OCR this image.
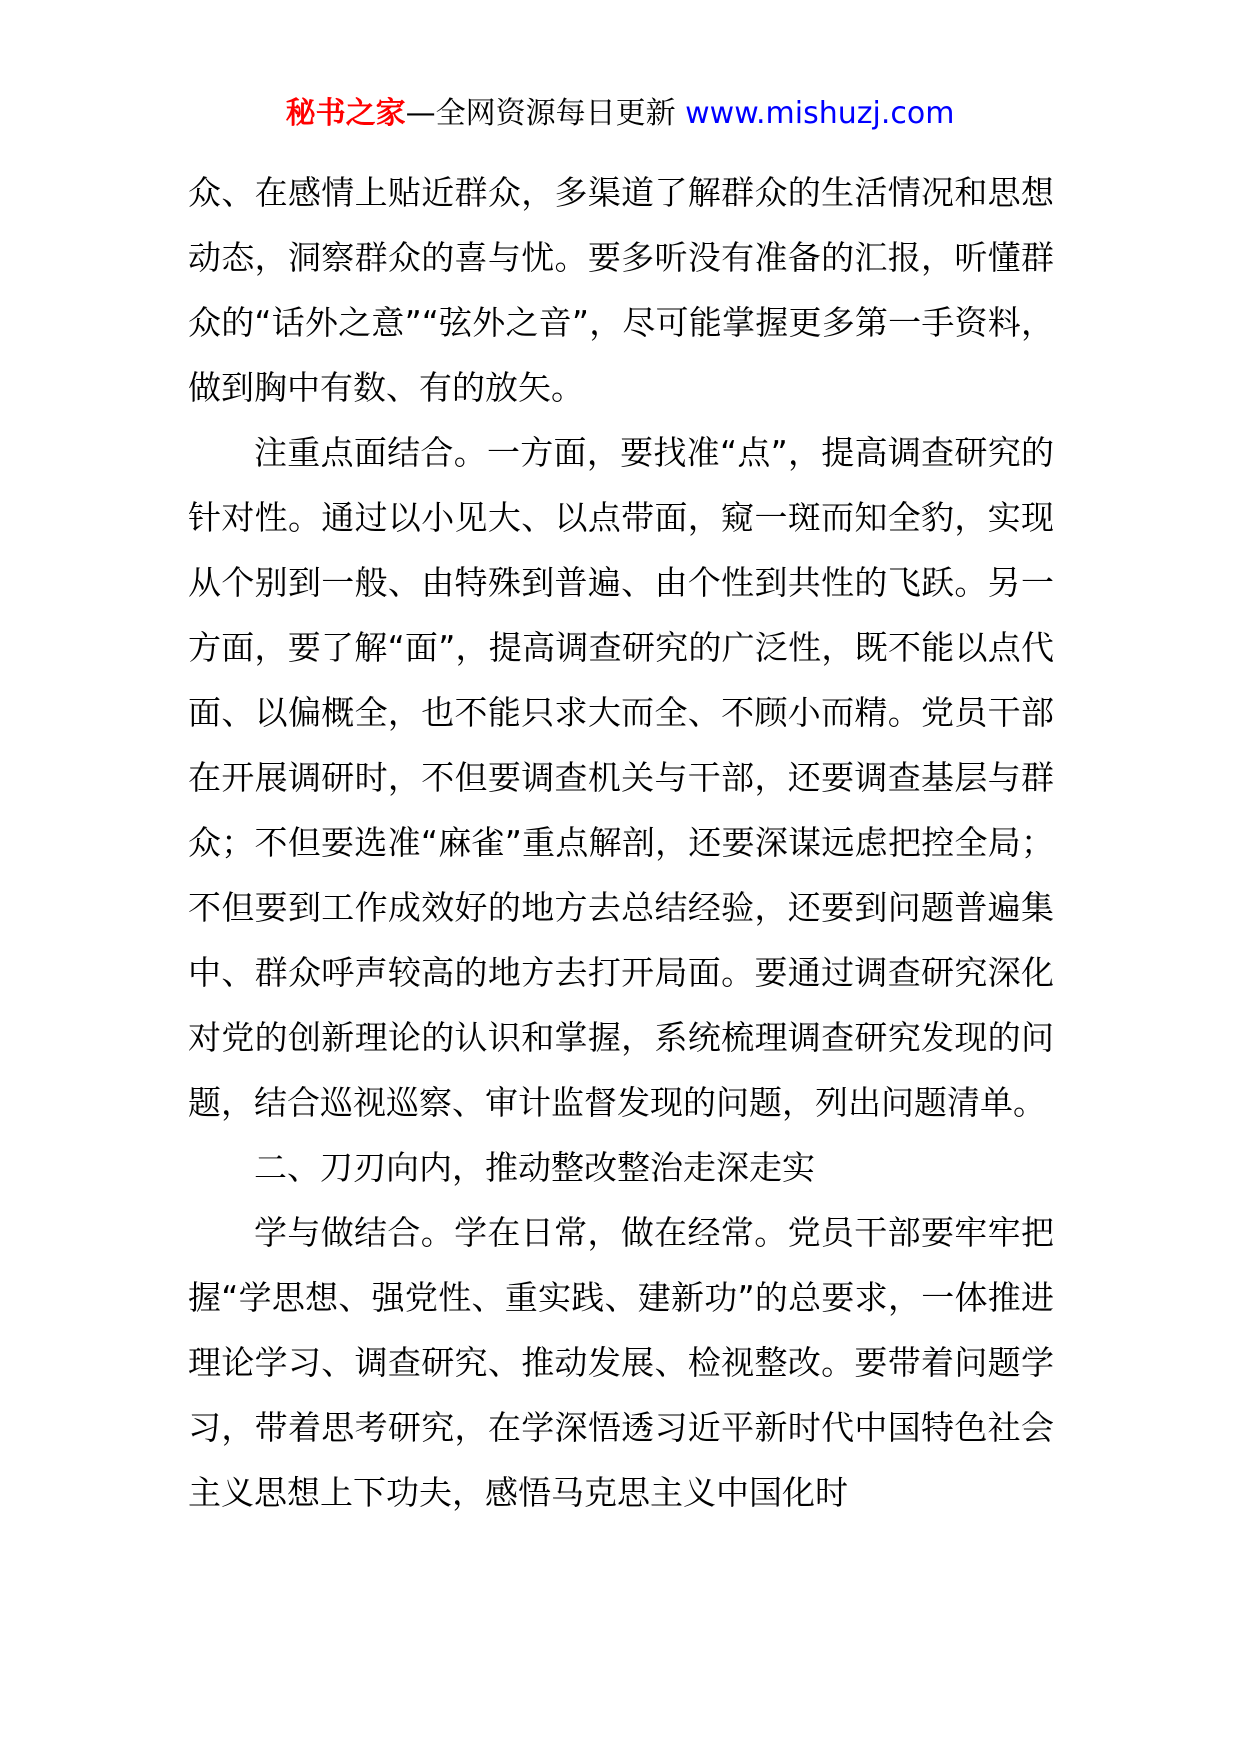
秘书之家—全网资源每日更新 www.mishuzj.com

众、在感情上贴近群众，多渠道了解群众的生活情况和思想动态，洞察群众的喜与忧。要多听没有准备的汇报，听懂群众的“话外之意”“弦外之音”，尽可能掌握更多第一手资料，做到胸中有数、有的放矢。

注重点面结合。一方面，要找准“点”，提高调查研究的针对性。通过以小见大、以点带面，窥一斑而知全豹，实现从个别到一般、由特殊到普遍、由个性到共性的飞跃。另一方面，要了解“面”，提高调查研究的广泛性，既不能以点代面、以偏概全，也不能只求大而全、不顾小而精。党员干部在开展调研时，不但要调查机关与干部，还要调查基层与群众；不但要选准“麻雀”重点解剖，还要深谋远虑把控全局；不但要到工作成效好的地方去总结经验，还要到问题普遍集中、群众呼声较高的地方去打开局面。要通过调查研究深化对党的创新理论的认识和掌握，系统梳理调查研究发现的问题，结合巡视巡察、审计监督发现的问题，列出问题清单。

二、刀刃向内，推动整改整治走深走实

学与做结合。学在日常，做在经常。党员干部要牢牢把握“学思想、强党性、重实践、建新功”的总要求，一体推进理论学习、调查研究、推动发展、检视整改。要带着问题学习，带着思考研究，在学深悟透习近平新时代中国特色社会主义思想上下功夫，感悟马克思主义中国化时
